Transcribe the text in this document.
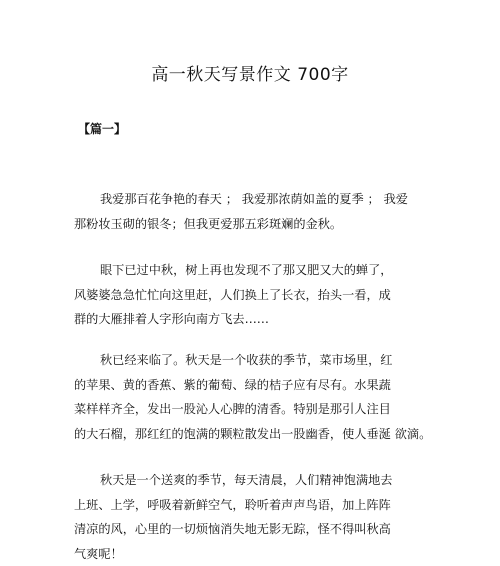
高一秋天写景作文 700字
【篇一】
我爱那百花争艳的春天 ； 我爱那浓荫如盖的夏季 ； 我爱
那粉妆玉砌的银冬；但我更爱那五彩斑斓的金秋。
眼下已过中秋，树上再也发现不了那又肥又大的蝉了，
风婆婆急急忙忙向这里赶，人们换上了长衣，抬头一看，成
群的大雁排着人字形向南方飞去……
秋已经来临了。秋天是一个收获的季节，菜市场里，红
的苹果、黄的香蕉、紫的葡萄、绿的桔子应有尽有。水果蔬
菜样样齐全，发出一股沁人心脾的清香。特别是那引人注目
的大石榴，那红红的饱满的颗粒散发出一股幽香，使人垂涎 欲滴。
秋天是一个送爽的季节，每天清晨，人们精神饱满地去
上班、上学，呼吸着新鲜空气，聆听着声声鸟语，加上阵阵
清凉的风，心里的一切烦恼消失地无影无踪，怪不得叫秋高
气爽呢！
